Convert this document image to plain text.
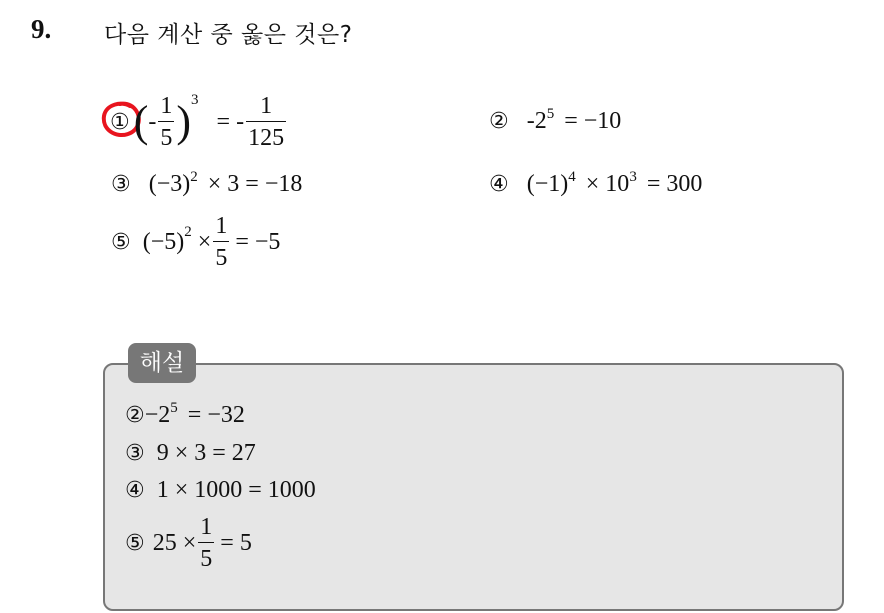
9. 다음 계산 중 옳은 것은?
① ( - $\frac{1}{5} )^3$
= - $\frac{1}{125}$	② $-2^5 = -10$
③ $(-3)^2 \times 3 = -18$	④ $(-1)^4 \times 10^3 = 300$
⑤ $(-5)^2 \times \frac{1}{5} = -5$
해설
$②-2^5 = -32$
③ 9 × 3 = 27
④ 1 × 1000 = 1000
⑤ $25 \times \frac{1}{5} = 5$
